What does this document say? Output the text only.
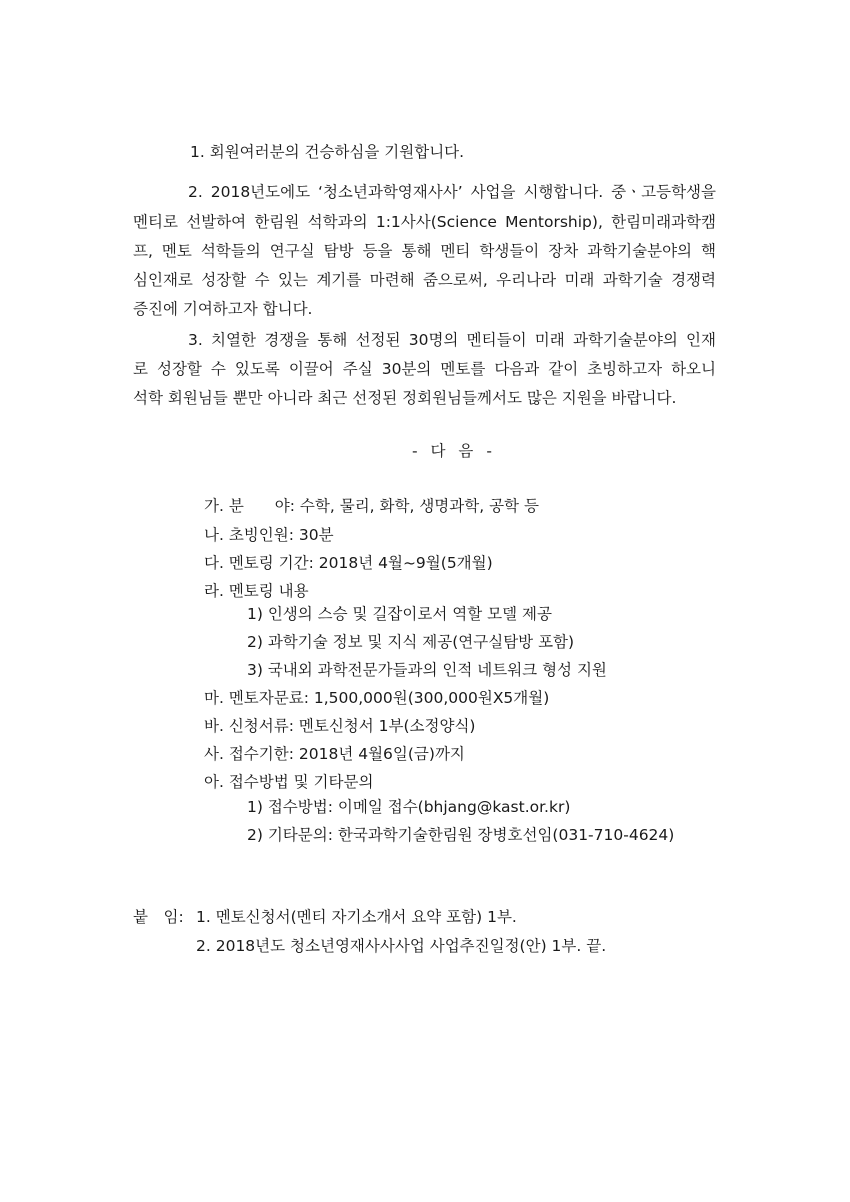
1. 회원여러분의 건승하심을 기원합니다.
2. 2018년도에도 ‘청소년과학영재사사’ 사업을 시행합니다. 중ㆍ고등학생을
멘티로 선발하여 한림원 석학과의 1:1사사(Science Mentorship), 한림미래과학캠
프, 멘토 석학들의 연구실 탐방 등을 통해 멘티 학생들이 장차 과학기술분야의 핵
심인재로 성장할 수 있는 계기를 마련해 줌으로써, 우리나라 미래 과학기술 경쟁력
증진에 기여하고자 합니다.
3. 치열한 경쟁을 통해 선정된 30명의 멘티들이 미래 과학기술분야의 인재
로 성장할 수 있도록 이끌어 주실 30분의 멘토를 다음과 같이 초빙하고자 하오니
석학 회원님들 뿐만 아니라 최근 선정된 정회원님들께서도 많은 지원을 바랍니다.
- 다 음 -
가. 분　　야: 수학, 물리, 화학, 생명과학, 공학 등
나. 초빙인원: 30분
다. 멘토링 기간: 2018년 4월~9월(5개월)
라. 멘토링 내용
1) 인생의 스승 및 길잡이로서 역할 모델 제공
2) 과학기술 정보 및 지식 제공(연구실탐방 포함)
3) 국내외 과학전문가들과의 인적 네트워크 형성 지원
마. 멘토자문료: 1,500,000원(300,000원X5개월)
바. 신청서류: 멘토신청서 1부(소정양식)
사. 접수기한: 2018년 4월6일(금)까지
아. 접수방법 및 기타문의
1) 접수방법: 이메일 접수(bhjang@kast.or.kr)
2) 기타문의: 한국과학기술한림원 장병호선임(031-710-4624)
붙　임: 1. 멘토신청서(멘티 자기소개서 요약 포함) 1부.
2. 2018년도 청소년영재사사사업 사업추진일정(안) 1부. 끝.
